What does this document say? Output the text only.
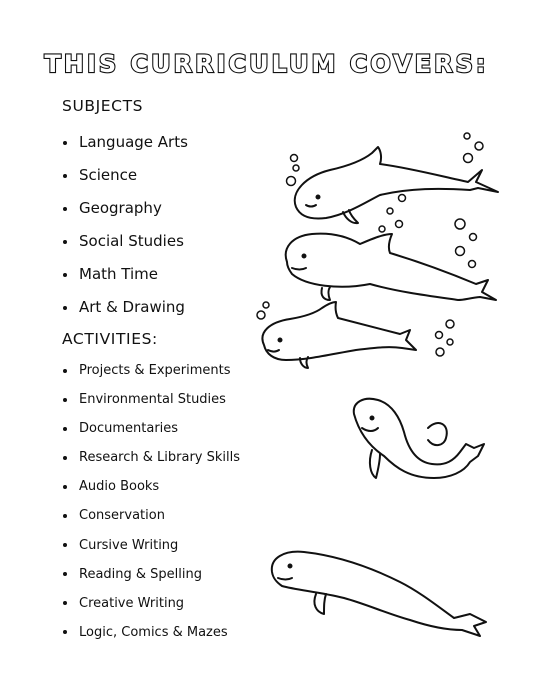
THIS CURRICULUM COVERS:
SUBJECTS
Language Arts
Science
Geography
Social Studies
Math Time
Art & Drawing
ACTIVITIES:
Projects & Experiments
Environmental Studies
Documentaries
Research & Library Skills
Audio Books
Conservation
Cursive Writing
Reading & Spelling
Creative Writing
Logic, Comics & Mazes
